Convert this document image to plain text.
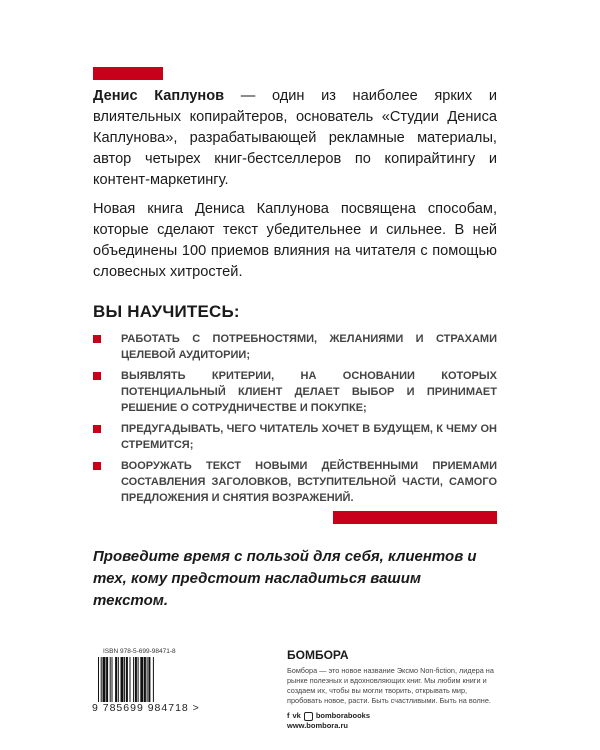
Денис Каплунов — один из наиболее ярких и влиятельных копирайтеров, основатель «Студии Дениса Каплунова», разрабатывающей рекламные материалы, автор четырех книг-бестселлеров по копирайтингу и контент-маркетингу.

Новая книга Дениса Каплунова посвящена способам, которые сделают текст убедительнее и сильнее. В ней объединены 100 приемов влияния на читателя с помощью словесных хитростей.

ВЫ НАУЧИТЕСЬ:
РАБОТАТЬ С ПОТРЕБНОСТЯМИ, ЖЕЛАНИЯМИ И СТРАХАМИ ЦЕЛЕВОЙ АУДИТОРИИ;
ВЫЯВЛЯТЬ КРИТЕРИИ, НА ОСНОВАНИИ КОТОРЫХ ПОТЕНЦИАЛЬНЫЙ КЛИЕНТ ДЕЛАЕТ ВЫБОР И ПРИНИМАЕТ РЕШЕНИЕ О СОТРУДНИЧЕСТВЕ И ПОКУПКЕ;
ПРЕДУГАДЫВАТЬ, ЧЕГО ЧИТАТЕЛЬ ХОЧЕТ В БУДУЩЕМ, К ЧЕМУ ОН СТРЕМИТСЯ;
ВООРУЖАТЬ ТЕКСТ НОВЫМИ ДЕЙСТВЕННЫМИ ПРИЕМАМИ СОСТАВЛЕНИЯ ЗАГОЛОВКОВ, ВСТУПИТЕЛЬНОЙ ЧАСТИ, САМОГО ПРЕДЛОЖЕНИЯ И СНЯТИЯ ВОЗРАЖЕНИЙ.
Проведите время с пользой для себя, клиентов и тех, кому предстоит насладиться вашим текстом.
ISBN 978-5-699-98471-8
9 785699 984718 >
БОМБОРА
Бомбора — это новое название Эксмо Non-fiction, лидера на рынке полезных и вдохновляющих книг. Мы любим книги и создаем их, чтобы вы могли творить, открывать мир, пробовать новое, расти. Быть счастливыми. Быть на волне.
f vk bomborabooks
www.bombora.ru
